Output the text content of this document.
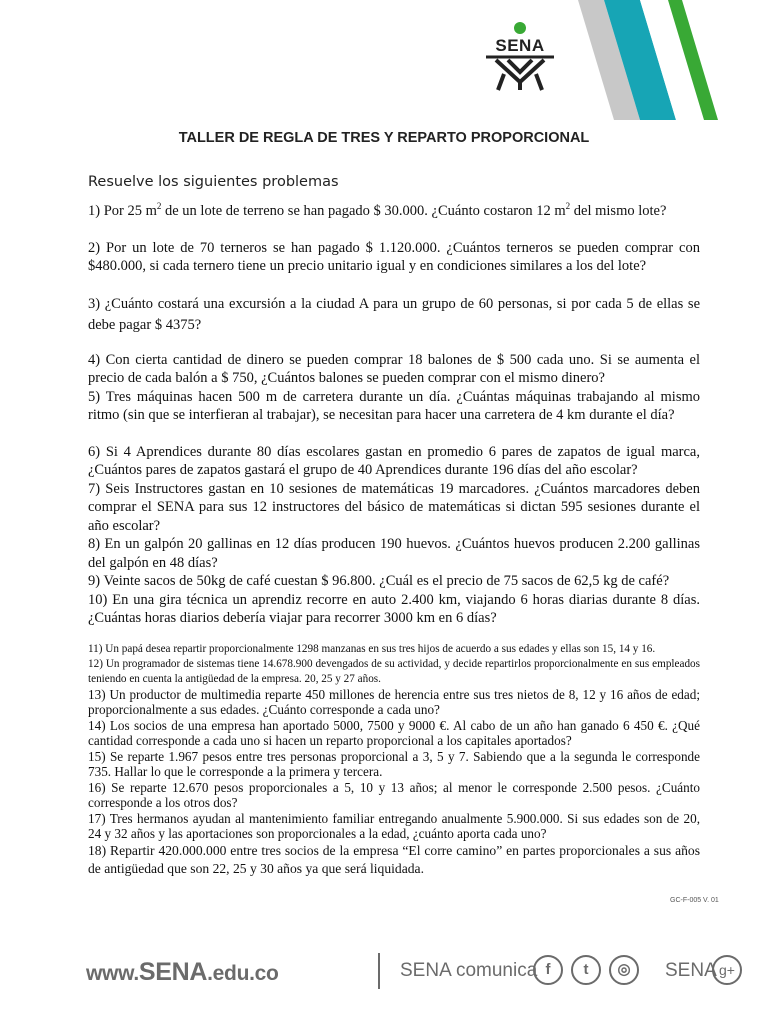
SENA
TALLER DE REGLA DE TRES Y REPARTO PROPORCIONAL
Resuelve los siguientes problemas

1) Por 25 $m^2$ de un lote de terreno se han pagado $ 30.000. ¿Cuánto costaron 12 $m^2$ del mismo lote?

2) Por un lote de 70 terneros se han pagado $ 1.120.000. ¿Cuántos terneros se pueden comprar con $480.000, si cada ternero tiene un precio unitario igual y en condiciones similares a los del lote?

3) ¿Cuánto costará una excursión a la ciudad A para un grupo de 60 personas, si por cada 5 de ellas se debe pagar $ 4375?

4) Con cierta cantidad de dinero se pueden comprar 18 balones de $ 500 cada uno. Si se aumenta el precio de cada balón a $ 750, ¿Cuántos balones se pueden comprar con el mismo dinero?

5) Tres máquinas hacen 500 m de carretera durante un día. ¿Cuántas máquinas trabajando al mismo ritmo (sin que se interfieran al trabajar), se necesitan para hacer una carretera de 4 km durante el día?

6) Si 4 Aprendices durante 80 días escolares gastan en promedio 6 pares de zapatos de igual marca, ¿Cuántos pares de zapatos gastará el grupo de 40 Aprendices durante 196 días del año escolar?

7) Seis Instructores gastan en 10 sesiones de matemáticas 19 marcadores. ¿Cuántos marcadores deben comprar el SENA para sus 12 instructores del básico de matemáticas si dictan 595 sesiones durante el año escolar?

8) En un galpón 20 gallinas en 12 días producen 190 huevos. ¿Cuántos huevos producen 2.200 gallinas del galpón en 48 días?

9) Veinte sacos de 50kg de café cuestan $ 96.800. ¿Cuál es el precio de 75 sacos de 62,5 kg de café?

10) En una gira técnica un aprendiz recorre en auto 2.400 km, viajando 6 horas diarias durante 8 días. ¿Cuántas horas diarios debería viajar para recorrer 3000 km en 6 días?

11) Un papá desea repartir proporcionalmente 1298 manzanas en sus tres hijos de acuerdo a sus edades y ellas son 15, 14 y 16.

12) Un programador de sistemas tiene 14.678.900 devengados de su actividad, y decide repartirlos proporcionalmente en sus empleados teniendo en cuenta la antigüedad de la empresa. 20, 25 y 27 años.

13) Un productor de multimedia reparte 450 millones de herencia entre sus tres nietos de 8, 12 y 16 años de edad; proporcionalmente a sus edades. ¿Cuánto corresponde a cada uno?

14) Los socios de una empresa han aportado 5000, 7500 y 9000 €. Al cabo de un año han ganado 6 450 €. ¿Qué cantidad corresponde a cada uno si hacen un reparto proporcional a los capitales aportados?

15) Se reparte 1.967 pesos entre tres personas proporcional a 3, 5 y 7. Sabiendo que a la segunda le corresponde 735. Hallar lo que le corresponde a la primera y tercera.

16) Se reparte 12.670 pesos proporcionales a 5, 10 y 13 años; al menor le corresponde 2.500 pesos. ¿Cuánto corresponde a los otros dos?

17) Tres hermanos ayudan al mantenimiento familiar entregando anualmente 5.900.000. Si sus edades son de 20, 24 y 32 años y las aportaciones son proporcionales a la edad, ¿cuánto aporta cada uno?

18) Repartir 420.000.000 entre tres socios de la empresa “El corre camino” en partes proporcionales a sus años de antigüedad que son 22, 25 y 30 años ya que será liquidada.

GC-F-005 V. 01
www.SENA.edu.co	SENA comunica f	t	◎	SENA g+
